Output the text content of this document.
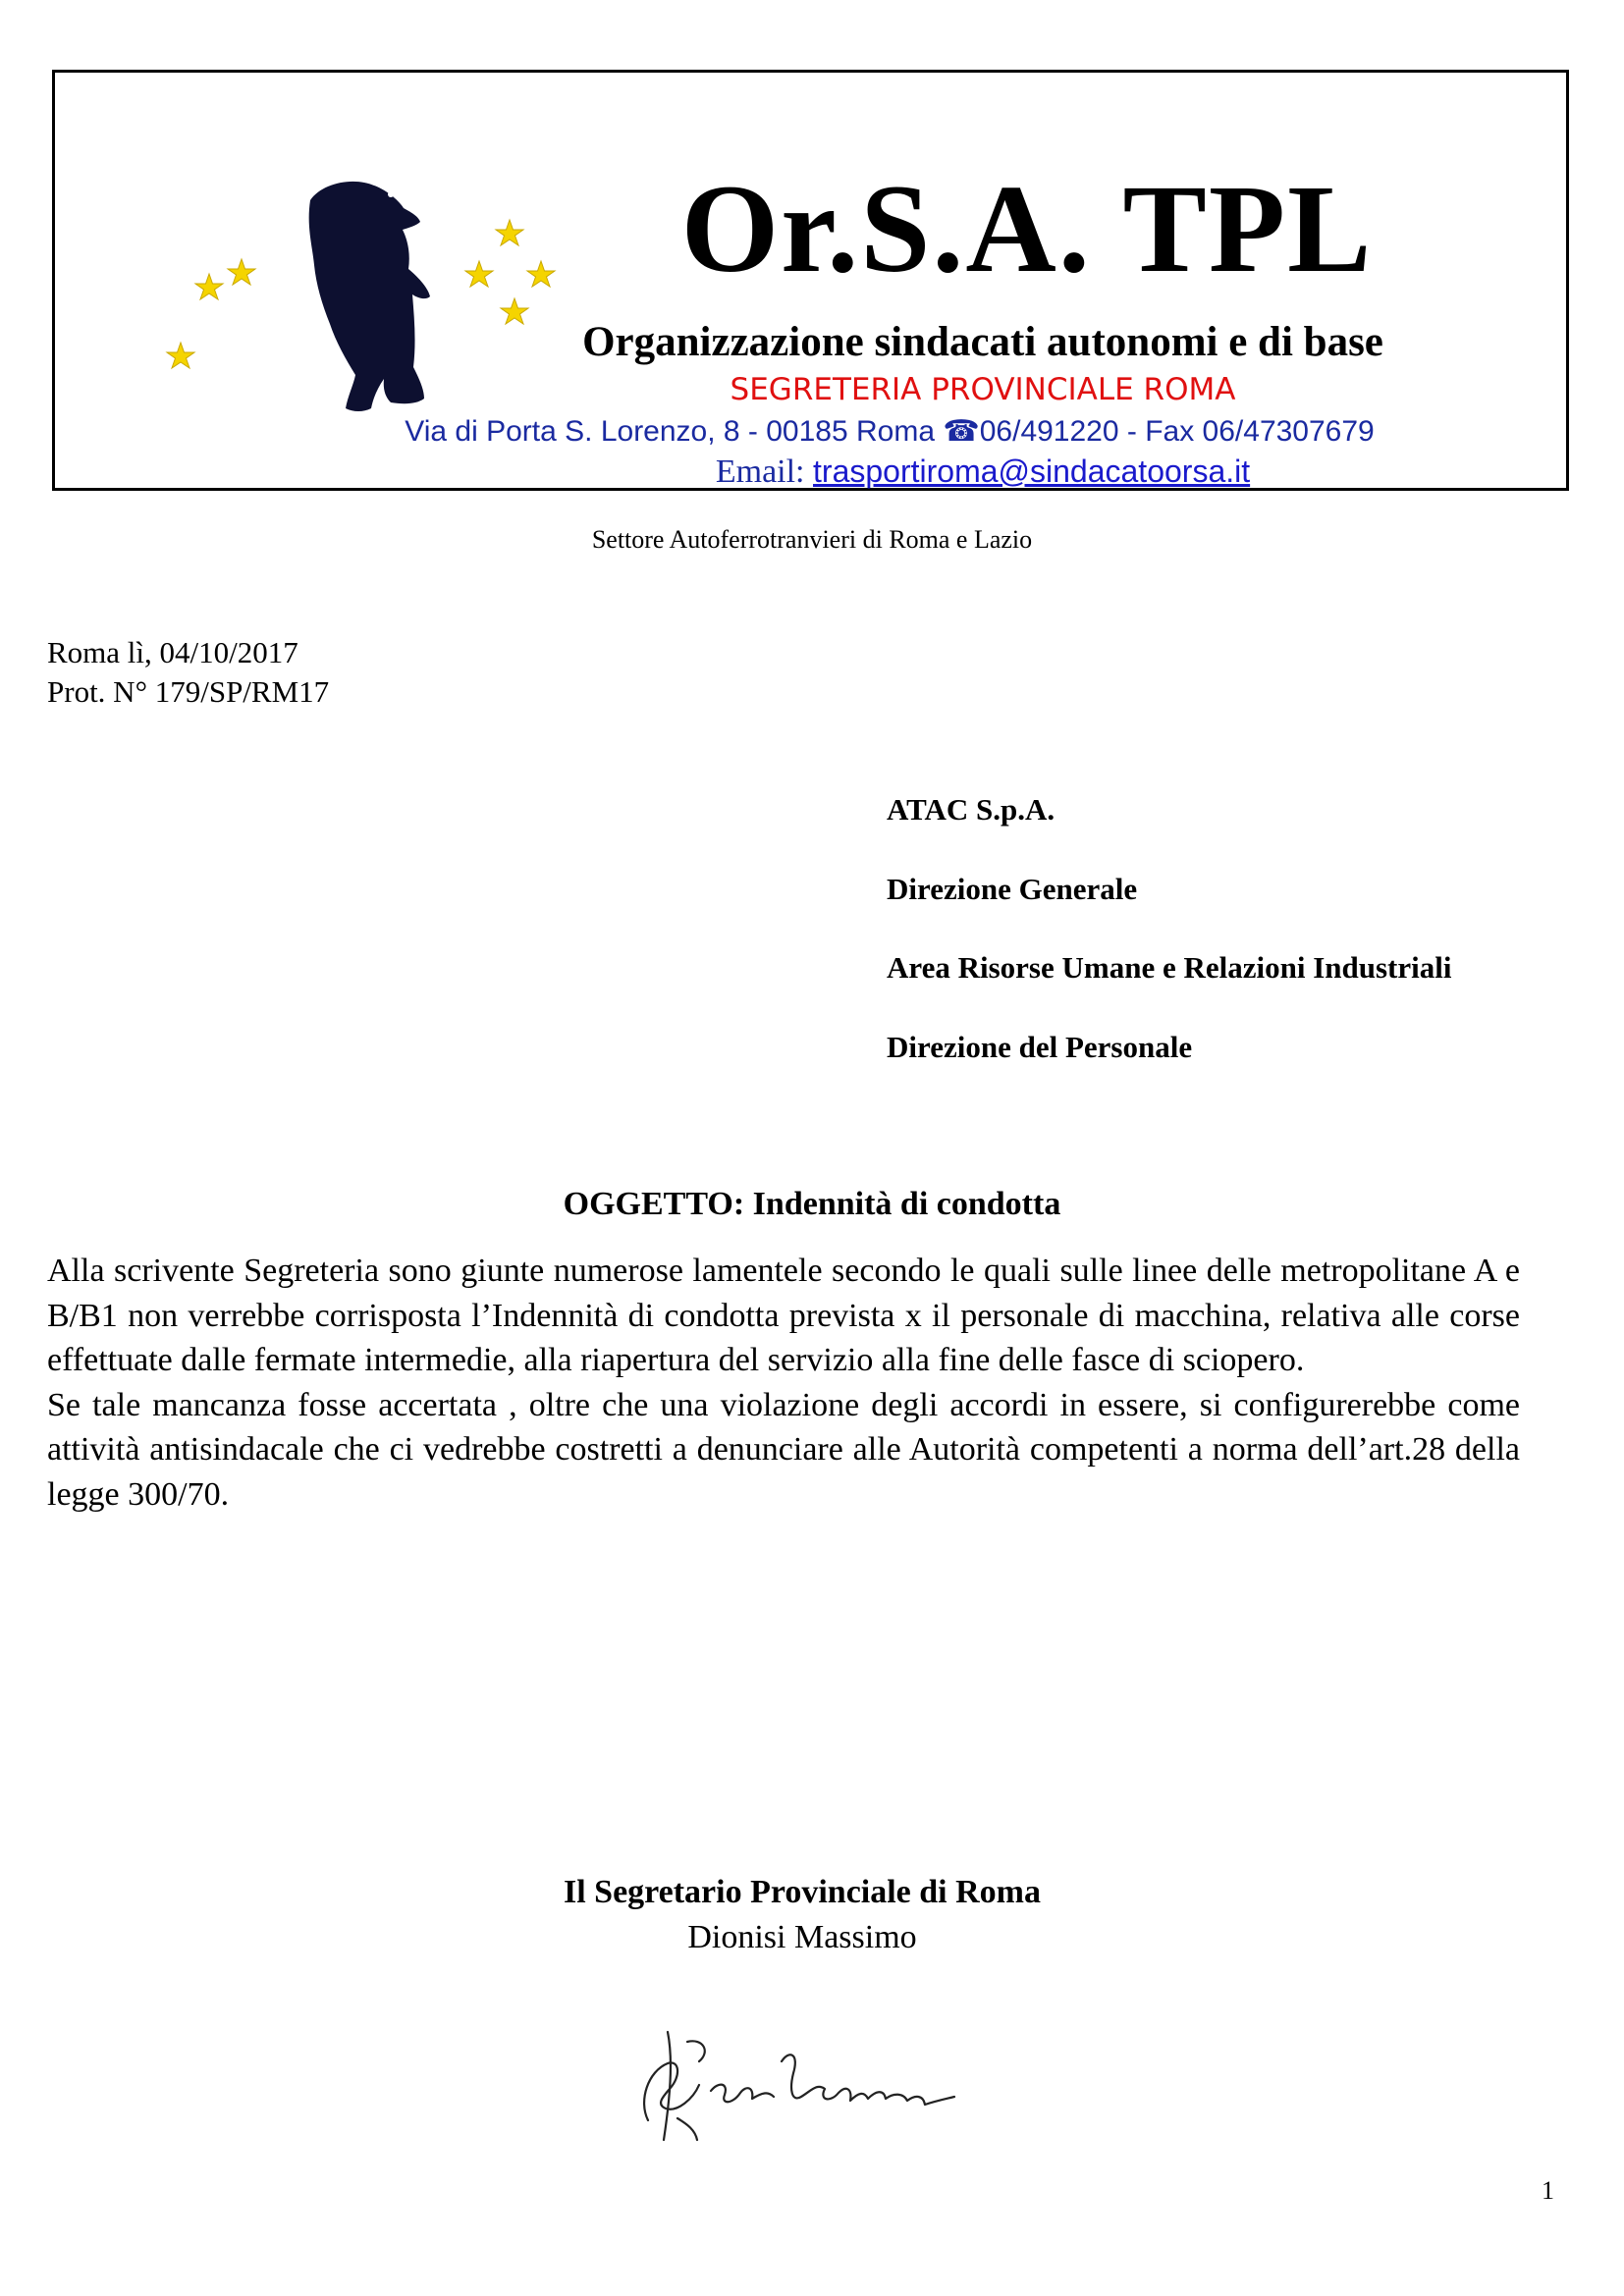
Or.S.A. TPL
Organizzazione sindacati autonomi e di base
SEGRETERIA PROVINCIALE ROMA
Via di Porta S. Lorenzo, 8 - 00185 Roma ☎06/491220 - Fax 06/47307679
Email: trasportiroma@sindacatoorsa.it
Settore Autoferrotranvieri di Roma e Lazio
Roma lì, 04/10/2017
Prot. N° 179/SP/RM17
ATAC S.p.A.
Direzione Generale
Area Risorse Umane e Relazioni Industriali
Direzione del Personale
OGGETTO: Indennità di condotta

Alla scrivente Segreteria sono giunte numerose lamentele secondo le quali sulle linee delle metropolitane A e B/B1 non verrebbe corrisposta l’Indennità di condotta prevista x il personale di macchina, relativa alle corse effettuate dalle fermate intermedie, alla riapertura del servizio alla fine delle fasce di sciopero.

Se tale mancanza fosse accertata , oltre che una violazione degli accordi in essere, si configurerebbe come attività antisindacale che ci vedrebbe costretti a denunciare alle Autorità competenti a norma dell’art.28 della legge 300/70.

Il Segretario Provinciale di Roma
Dionisi Massimo
1
